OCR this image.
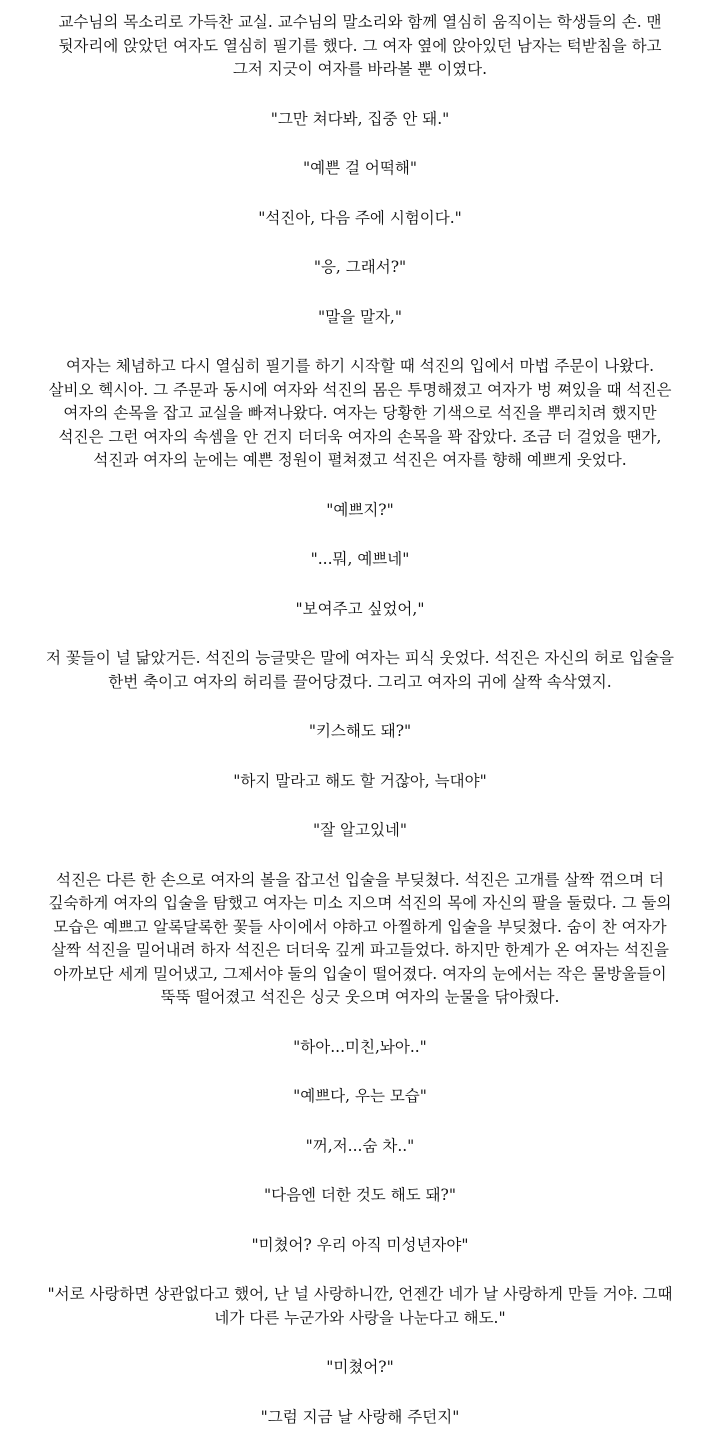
교수님의 목소리로 가득찬 교실. 교수님의 말소리와 함께 열심히 움직이는 학생들의 손. 맨
뒷자리에 앉았던 여자도 열심히 필기를 했다. 그 여자 옆에 앉아있던 남자는 턱받침을 하고
그저 지긋이 여자를 바라볼 뿐 이였다.

"그만 쳐다봐, 집중 안 돼."

"예쁜 걸 어떡해"

"석진아, 다음 주에 시험이다."

"응, 그래서?"

"말을 말자,"

여자는 체념하고 다시 열심히 필기를 하기 시작할 때 석진의 입에서 마법 주문이 나왔다.
살비오 헥시아. 그 주문과 동시에 여자와 석진의 몸은 투명해졌고 여자가 벙 쪄있을 때 석진은
여자의 손목을 잡고 교실을 빠져나왔다. 여자는 당황한 기색으로 석진을 뿌리치려 했지만
석진은 그런 여자의 속셈을 안 건지 더더욱 여자의 손목을 꽉 잡았다. 조금 더 걸었을 땐가,
석진과 여자의 눈에는 예쁜 정원이 펼쳐졌고 석진은 여자를 향해 예쁘게 웃었다.

"예쁘지?"

"...뭐, 예쁘네"

"보여주고 싶었어,"

저 꽃들이 널 닮았거든. 석진의 능글맞은 말에 여자는 피식 웃었다. 석진은 자신의 허로 입술을
한번 축이고 여자의 허리를 끌어당겼다. 그리고 여자의 귀에 살짝 속삭였지.

"키스해도 돼?"

"하지 말라고 해도 할 거잖아, 늑대야"

"잘 알고있네"

석진은 다른 한 손으로 여자의 볼을 잡고선 입술을 부딪쳤다. 석진은 고개를 살짝 꺾으며 더
깊숙하게 여자의 입술을 탐했고 여자는 미소 지으며 석진의 목에 자신의 팔을 둘렀다. 그 둘의
모습은 예쁘고 알록달록한 꽃들 사이에서 야하고 아찔하게 입술을 부딪쳤다. 숨이 찬 여자가
살짝 석진을 밀어내려 하자 석진은 더더욱 깊게 파고들었다. 하지만 한계가 온 여자는 석진을
아까보단 세게 밀어냈고, 그제서야 둘의 입술이 떨어졌다. 여자의 눈에서는 작은 물방울들이
뚝뚝 떨어졌고 석진은 싱긋 웃으며 여자의 눈물을 닦아줬다.

"하아...미친,놔아.."

"예쁘다, 우는 모습"

"꺼,저...숨 차.."

"다음엔 더한 것도 해도 돼?"

"미쳤어? 우리 아직 미성년자야"

"서로 사랑하면 상관없다고 했어, 난 널 사랑하니깐, 언젠간 네가 날 사랑하게 만들 거야. 그때
네가 다른 누군가와 사랑을 나눈다고 해도."

"미쳤어?"

"그럼 지금 날 사랑해 주던지"
